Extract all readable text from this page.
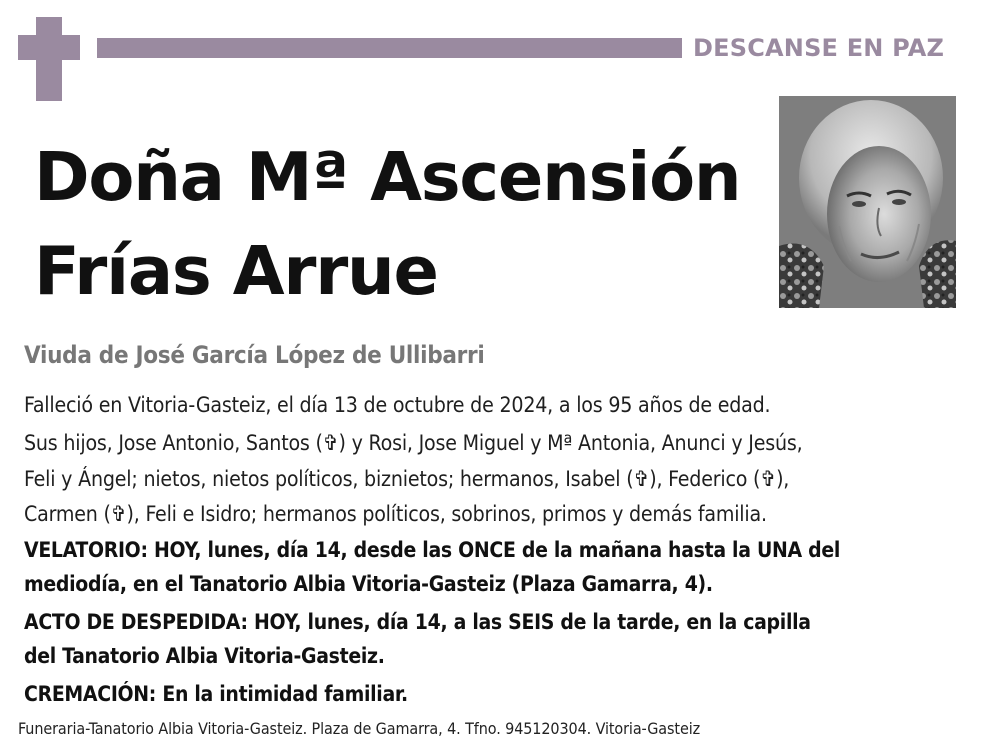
DESCANSE EN PAZ
Doña Mª Ascensión
Frías Arrue
Viuda de José García López de Ullibarri
Falleció en Vitoria-Gasteiz, el día 13 de octubre de 2024, a los 95 años de edad.
Sus hijos, Jose Antonio, Santos (✞) y Rosi, Jose Miguel y Mª Antonia, Anunci y Jesús,
Feli y Ángel; nietos, nietos políticos, biznietos; hermanos, Isabel (✞), Federico (✞),
Carmen (✞), Feli e Isidro; hermanos políticos, sobrinos, primos y demás familia.
VELATORIO: HOY, lunes, día 14, desde las ONCE de la mañana hasta la UNA del
mediodía, en el Tanatorio Albia Vitoria-Gasteiz (Plaza Gamarra, 4).
ACTO DE DESPEDIDA: HOY, lunes, día 14, a las SEIS de la tarde, en la capilla
del Tanatorio Albia Vitoria-Gasteiz.
CREMACIÓN: En la intimidad familiar.
Funeraria-Tanatorio Albia Vitoria-Gasteiz. Plaza de Gamarra, 4. Tfno. 945120304. Vitoria-Gasteiz
